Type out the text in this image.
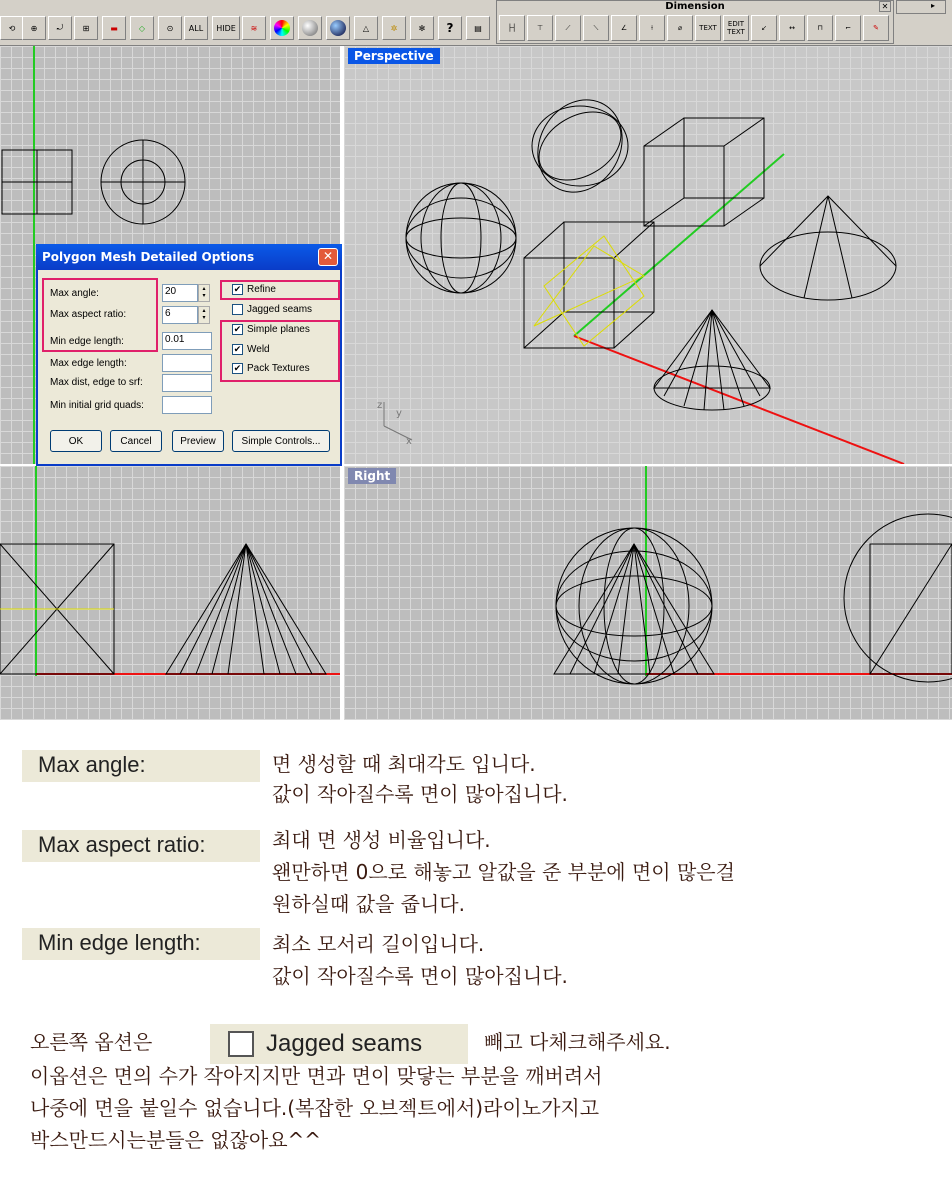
⟲	⊕	⤾	⊞	▬	◇	⊙	ALL	HIDE	≋	△	✲	✻	?	▤
Dimension	✕
├┤	⊤	⟋	⟍	∠	⟊	⌀	TEXT	EDIT
TEXT	↙	↔	⊓	⌐	✎
▸
z
y
x
Perspective
Right
Polygon Mesh Detailed Options	✕
Max angle:	20	▴
▾
Max aspect ratio:	6	▴
▾
Min edge length:	0.01
Max edge length:
Max dist, edge to srf:
Min initial grid quads:
✔ Refine
Jagged seams
✔ Simple planes
✔ Weld
✔ Pack Textures
OK	Cancel	Preview	Simple Controls...
Max angle:	면 생성할 때 최대각도 입니다.
값이 작아질수록 면이 많아집니다.
Max aspect ratio:	최대 면 생성 비율입니다.
왠만하면 0으로 해놓고 알값을 준 부분에 면이 많은걸
원하실때 값을 줍니다.
Min edge length:	최소 모서리 길이입니다.
값이 작아질수록 면이 많아집니다.
오른쪽 옵션은	Jagged seams	빼고 다체크해주세요.
이옵션은 면의 수가 작아지지만 면과 면이 맞닿는 부분을 깨버려서
나중에 면을 붙일수 없습니다.(복잡한 오브젝트에서)라이노가지고
박스만드시는분들은 없잖아요^^
